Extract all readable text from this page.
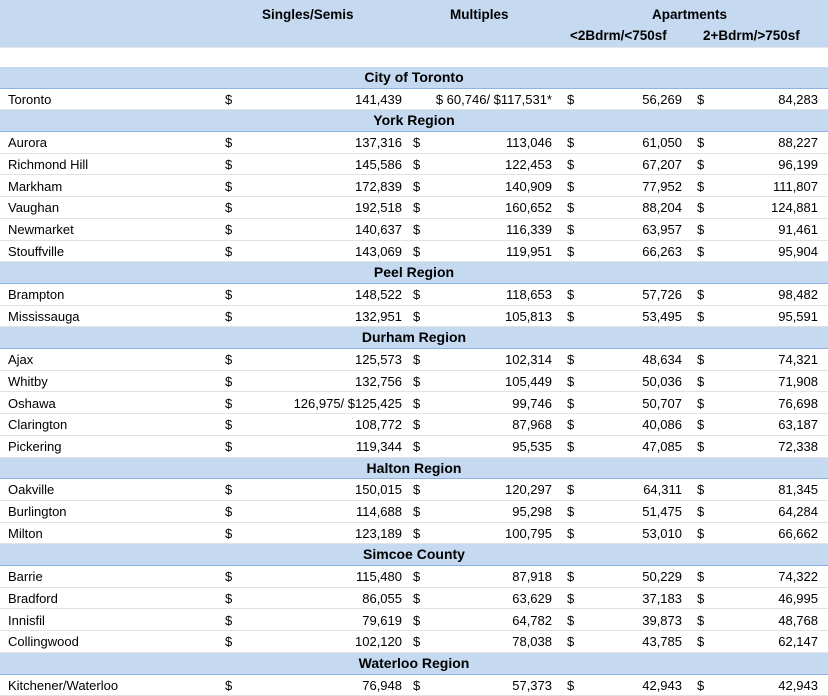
Singles/Semis	Multiples	Apartments
<2Bdrm/<750sf	2+Bdrm/>750sf
City of Toronto
Toronto	$	141,439	$ 60,746/ $117,531* $	56,269 $	84,283
York Region
Aurora	$	137,316 $	113,046 $	61,050 $	88,227
Richmond Hill	$	145,586 $	122,453 $	67,207 $	96,199
Markham	$	172,839 $	140,909 $	77,952 $	111,807
Vaughan	$	192,518 $	160,652 $	88,204 $	124,881
Newmarket	$	140,637 $	116,339 $	63,957 $	91,461
Stouffville	$	143,069 $	119,951 $	66,263 $	95,904
Peel Region
Brampton	$	148,522 $	118,653 $	57,726 $	98,482
Mississauga	$	132,951 $	105,813 $	53,495 $	95,591
Durham Region
Ajax	$	125,573 $	102,314 $	48,634 $	74,321
Whitby	$	132,756 $	105,449 $	50,036 $	71,908
Oshawa	$	126,975/ $125,425 $	99,746 $	50,707 $	76,698
Clarington	$	108,772 $	87,968 $	40,086 $	63,187
Pickering	$	119,344 $	95,535 $	47,085 $	72,338
Halton Region
Oakville	$	150,015 $	120,297 $	64,311 $	81,345
Burlington	$	114,688 $	95,298 $	51,475 $	64,284
Milton	$	123,189 $	100,795 $	53,010 $	66,662
Simcoe County
Barrie	$	115,480 $	87,918 $	50,229 $	74,322
Bradford	$	86,055 $	63,629 $	37,183 $	46,995
Innisfil	$	79,619 $	64,782 $	39,873 $	48,768
Collingwood	$	102,120 $	78,038 $	43,785 $	62,147
Waterloo Region
Kitchener/Waterloo	$	76,948 $	57,373 $	42,943 $	42,943
